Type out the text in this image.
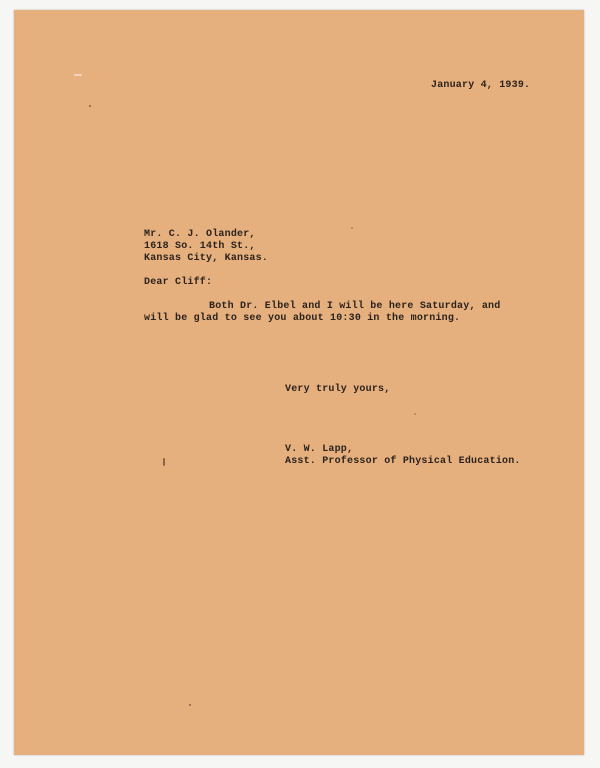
January 4, 1939.
Mr. C. J. Olander,
1618 So. 14th St.,
Kansas City, Kansas.
Dear Cliff:
Both Dr. Elbel and I will be here Saturday, and
will be glad to see you about 10:30 in the morning.
Very truly yours,
V. W. Lapp,
Asst. Professor of Physical Education.
